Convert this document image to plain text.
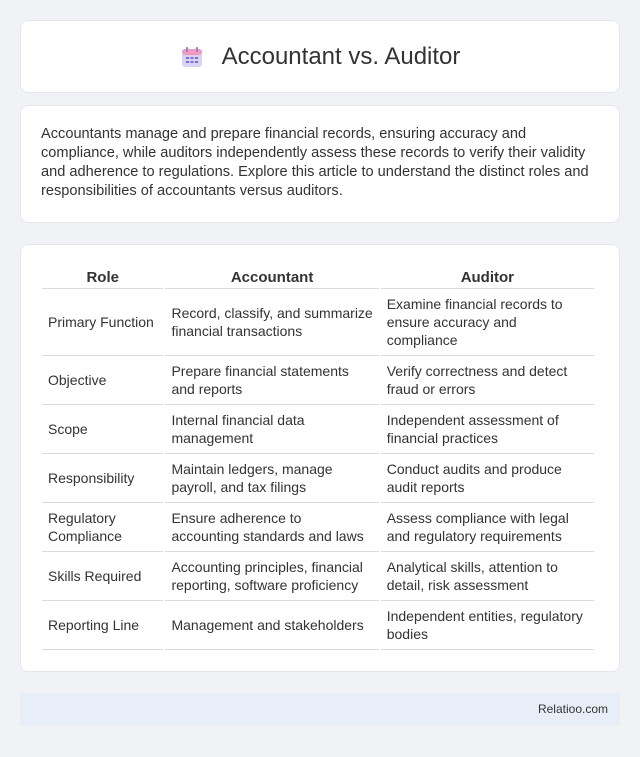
Accountant vs. Auditor

Accountants manage and prepare financial records, ensuring accuracy and compliance, while auditors independently assess these records to verify their validity and adherence to regulations. Explore this article to understand the distinct roles and responsibilities of accountants versus auditors.

Role	Accountant	Auditor
Primary Function	Record, classify, and summarize financial transactions	Examine financial records to ensure accuracy and compliance
Objective	Prepare financial statements and reports	Verify correctness and detect fraud or errors
Scope	Internal financial data management	Independent assessment of financial practices
Responsibility	Maintain ledgers, manage payroll, and tax filings	Conduct audits and produce audit reports
Regulatory Compliance	Ensure adherence to accounting standards and laws	Assess compliance with legal and regulatory requirements
Skills Required	Accounting principles, financial reporting, software proficiency	Analytical skills, attention to detail, risk assessment
Reporting Line	Management and stakeholders	Independent entities, regulatory bodies
Relatioo.com
